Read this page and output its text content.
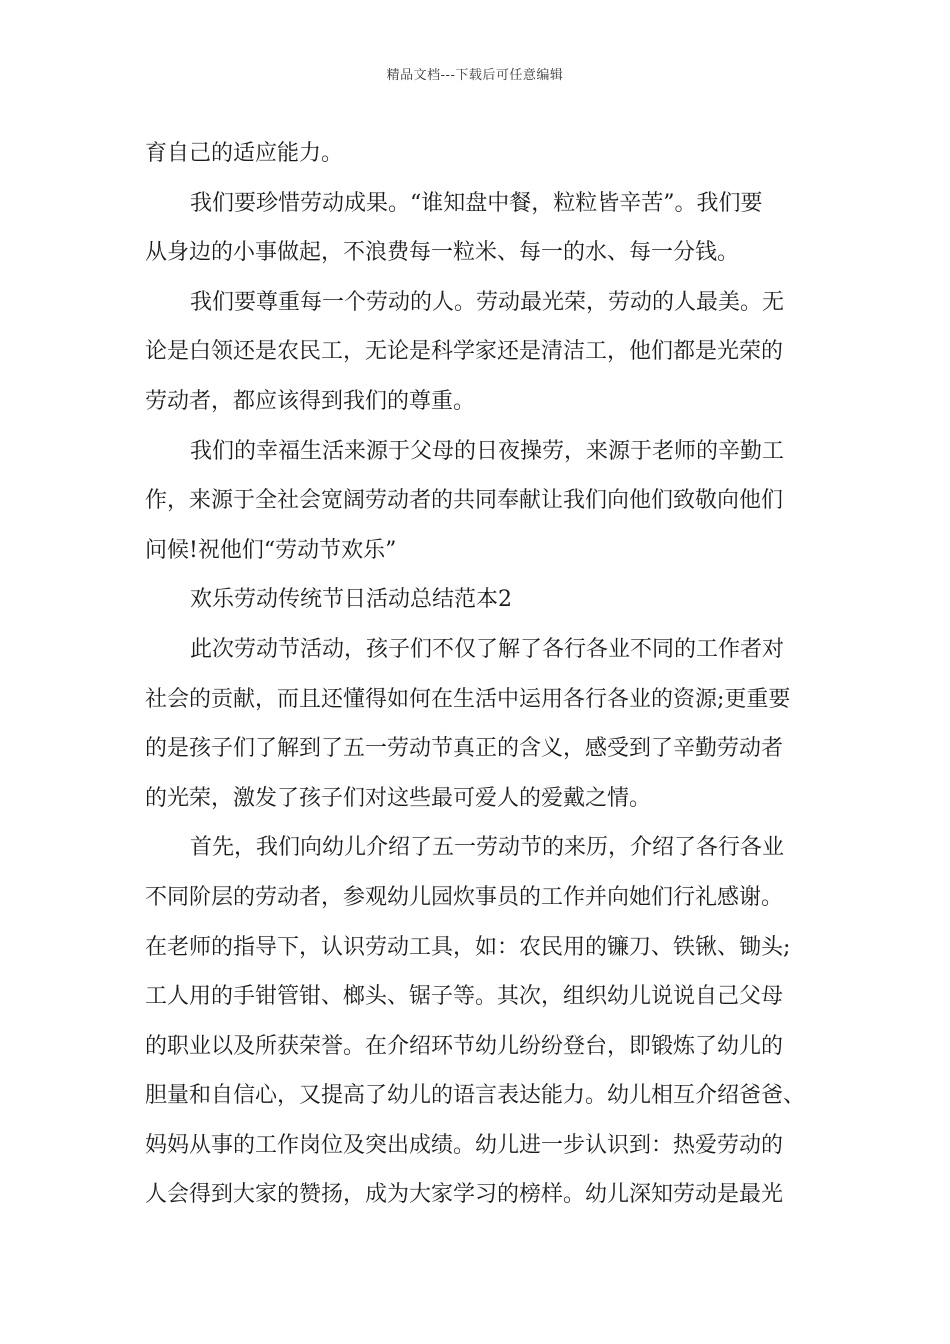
精品文档---下载后可任意编辑
育自己的适应能力。
我们要珍惜劳动成果。“谁知盘中餐，粒粒皆辛苦”。我们要
从身边的小事做起，不浪费每一粒米、每一的水、每一分钱。
我们要尊重每一个劳动的人。劳动最光荣，劳动的人最美。无
论是白领还是农民工，无论是科学家还是清洁工，他们都是光荣的
劳动者，都应该得到我们的尊重。
我们的幸福生活来源于父母的日夜操劳，来源于老师的辛勤工
作，来源于全社会宽阔劳动者的共同奉献让我们向他们致敬向他们
问候!祝他们“劳动节欢乐”
欢乐劳动传统节日活动总结范本2
此次劳动节活动，孩子们不仅了解了各行各业不同的工作者对
社会的贡献，而且还懂得如何在生活中运用各行各业的资源;更重要
的是孩子们了解到了五一劳动节真正的含义，感受到了辛勤劳动者
的光荣，激发了孩子们对这些最可爱人的爱戴之情。
首先，我们向幼儿介绍了五一劳动节的来历，介绍了各行各业
不同阶层的劳动者，参观幼儿园炊事员的工作并向她们行礼感谢。
在老师的指导下，认识劳动工具，如：农民用的镰刀、铁锹、锄头;
工人用的手钳管钳、榔头、锯子等。其次，组织幼儿说说自己父母
的职业以及所获荣誉。在介绍环节幼儿纷纷登台，即锻炼了幼儿的
胆量和自信心，又提高了幼儿的语言表达能力。幼儿相互介绍爸爸、
妈妈从事的工作岗位及突出成绩。幼儿进一步认识到：热爱劳动的
人会得到大家的赞扬，成为大家学习的榜样。幼儿深知劳动是最光
